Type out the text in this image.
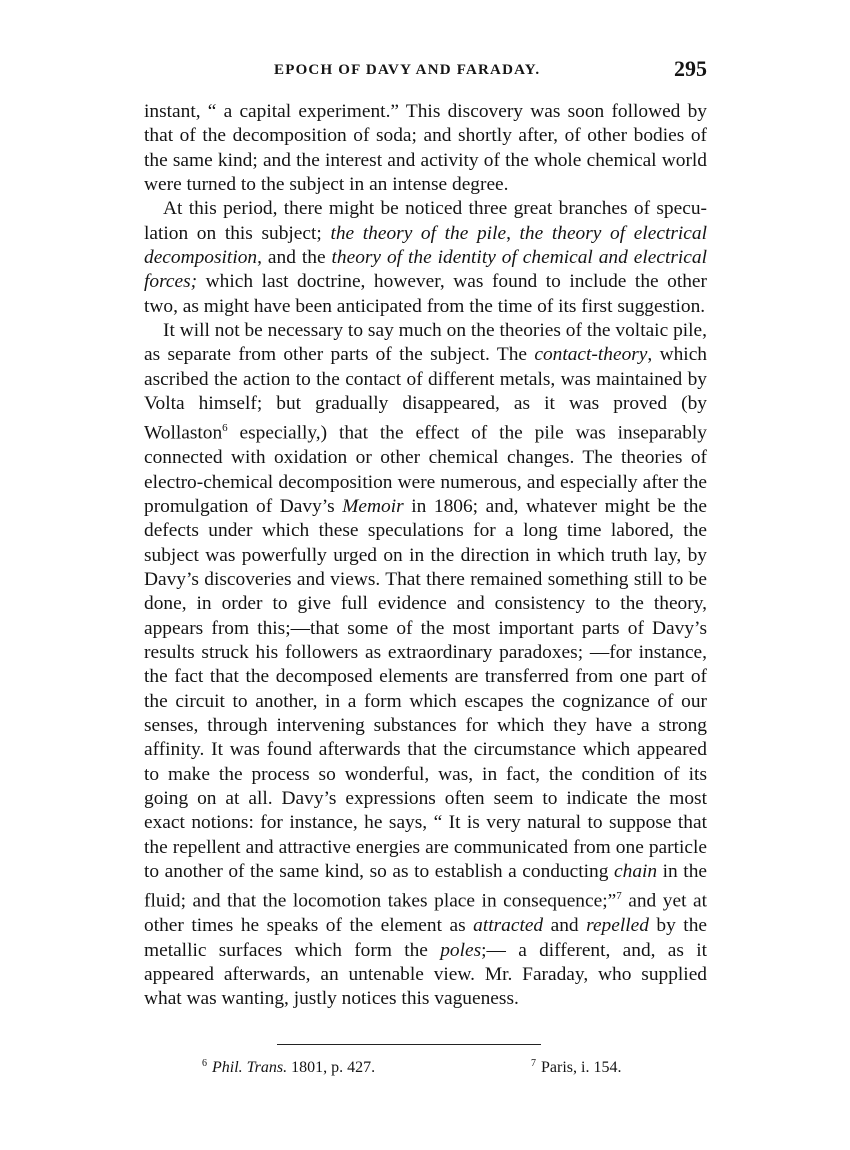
EPOCH OF DAVY AND FARADAY.	295

instant, “ a capital experiment.” This discovery was soon followed by that of the decomposition of soda; and shortly after, of other bodies of the same kind; and the interest and activity of the whole chemical world were turned to the subject in an intense degree.

At this period, there might be noticed three great branches of speculation on this subject; the theory of the pile, the theory of electrical decomposition, and the theory of the identity of chemical and electrical forces; which last doctrine, however, was found to include the other two, as might have been anticipated from the time of its first suggestion.

It will not be necessary to say much on the theories of the voltaic pile, as separate from other parts of the subject. The contact-theory, which ascribed the action to the contact of different metals, was maintained by Volta himself; but gradually disappeared, as it was proved (by Wollaston$^6$ especially,) that the effect of the pile was inseparably connected with oxidation or other chemical changes. The theories of electro-chemical decomposition were numerous, and especially after the promulgation of Davy’s Memoir in 1806; and, whatever might be the defects under which these speculations for a long time labored, the subject was powerfully urged on in the direction in which truth lay, by Davy’s discoveries and views. That there remained something still to be done, in order to give full evidence and consistency to the theory, appears from this;—that some of the most important parts of Davy’s results struck his followers as extraordinary paradoxes; —for instance, the fact that the decomposed elements are transferred from one part of the circuit to another, in a form which escapes the cognizance of our senses, through intervening substances for which they have a strong affinity. It was found afterwards that the circumstance which appeared to make the process so wonderful, was, in fact, the condition of its going on at all. Davy’s expressions often seem to indicate the most exact notions: for instance, he says, “ It is very natural to suppose that the repellent and attractive energies are communicated from one particle to another of the same kind, so as to establish a conducting chain in the fluid; and that the locomotion takes place in consequence;”$^7$ and yet at other times he speaks of the element as attracted and repelled by the metallic surfaces which form the poles;— a different, and, as it appeared afterwards, an untenable view. Mr. Faraday, who supplied what was wanting, justly notices this vagueness.

$^6$ Phil. Trans. 1801, p. 427.	$^7$ Paris, i. 154.
